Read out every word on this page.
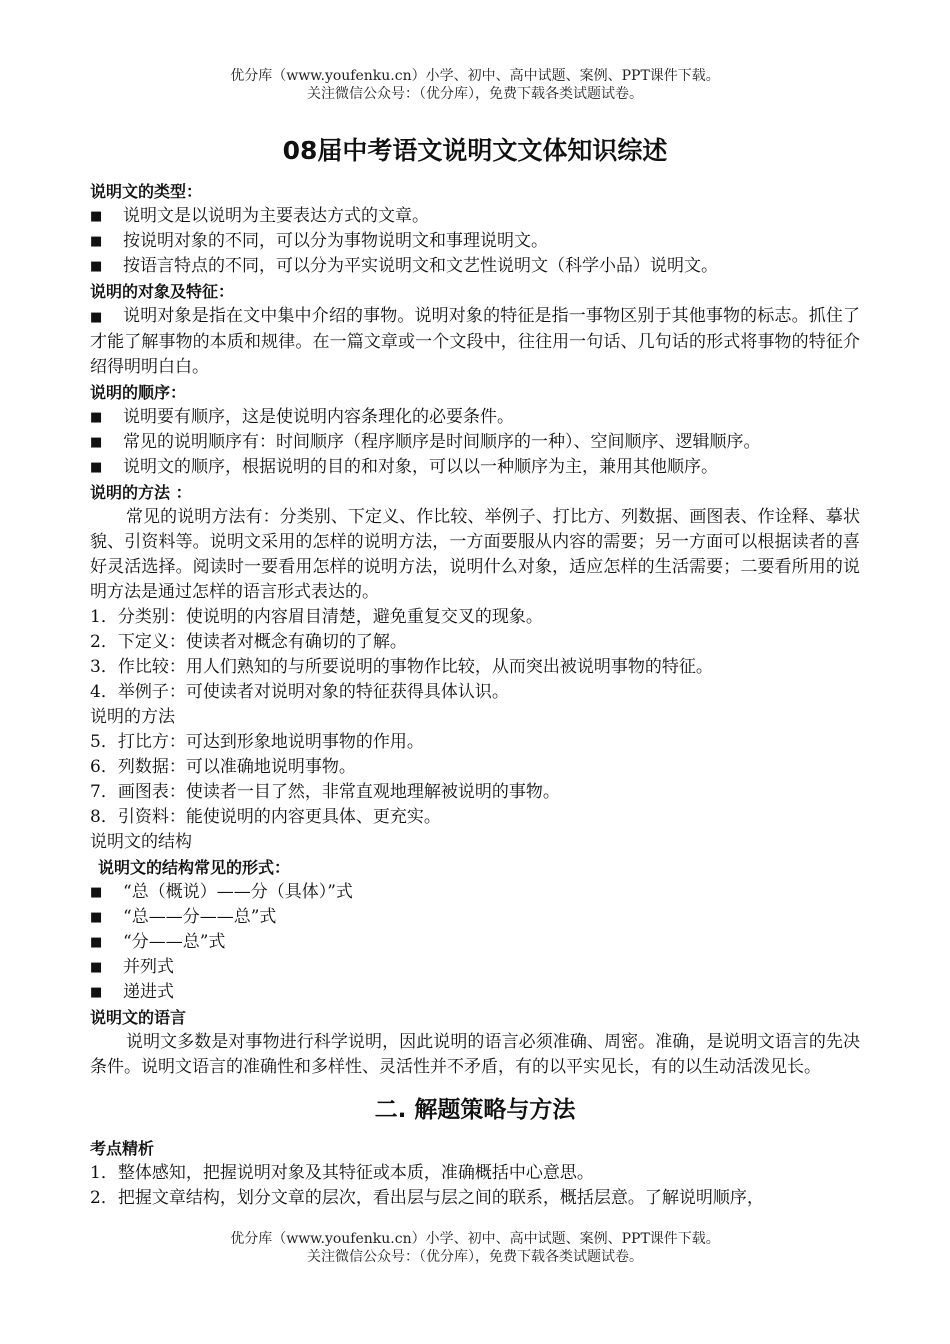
优分库（www.youfenku.cn）小学、初中、高中试题、案例、PPT课件下载。
关注微信公众号：（优分库），免费下载各类试题试卷。
08届中考语文说明文文体知识综述
说明文的类型：
■	说明文是以说明为主要表达方式的文章。
■	按说明对象的不同，可以分为事物说明文和事理说明文。
■	按语言特点的不同，可以分为平实说明文和文艺性说明文（科学小品）说明文。
说明的对象及特征：
■ 说明对象是指在文中集中介绍的事物。说明对象的特征是指一事物区别于其他事物的标志。抓住了才能了解事物的本质和规律。在一篇文章或一个文段中，往往用一句话、几句话的形式将事物的特征介绍得明明白白。
说明的顺序：
■	说明要有顺序，这是使说明内容条理化的必要条件。
■	常见的说明顺序有：时间顺序（程序顺序是时间顺序的一种）、空间顺序、逻辑顺序。
■	说明文的顺序，根据说明的目的和对象，可以以一种顺序为主，兼用其他顺序。
说明的方法 ：
常见的说明方法有：分类别、下定义、作比较、举例子、打比方、列数据、画图表、作诠释、摹状貌、引资料等。说明文采用的怎样的说明方法，一方面要服从内容的需要；另一方面可以根据读者的喜好灵活选择。阅读时一要看用怎样的说明方法，说明什么对象，适应怎样的生活需要；二要看所用的说明方法是通过怎样的语言形式表达的。
1．分类别：使说明的内容眉目清楚，避免重复交叉的现象。
2．下定义：使读者对概念有确切的了解。
3．作比较：用人们熟知的与所要说明的事物作比较，从而突出被说明事物的特征。
4．举例子：可使读者对说明对象的特征获得具体认识。
说明的方法
5．打比方：可达到形象地说明事物的作用。
6．列数据：可以准确地说明事物。
7．画图表：使读者一目了然，非常直观地理解被说明的事物。
8．引资料：能使说明的内容更具体、更充实。
说明文的结构
说明文的结构常见的形式：
■	“总（概说）——分（具体）”式
■	“总——分——总”式
■	“分——总”式
■	并列式
■	递进式
说明文的语言
说明文多数是对事物进行科学说明，因此说明的语言必须准确、周密。准确，是说明文语言的先决条件。说明文语言的准确性和多样性、灵活性并不矛盾，有的以平实见长，有的以生动活泼见长。
二. 解题策略与方法
考点精析
1．整体感知，把握说明对象及其特征或本质，准确概括中心意思。
2．把握文章结构，划分文章的层次，看出层与层之间的联系，概括层意。了解说明顺序，
优分库（www.youfenku.cn）小学、初中、高中试题、案例、PPT课件下载。
关注微信公众号：（优分库），免费下载各类试题试卷。
